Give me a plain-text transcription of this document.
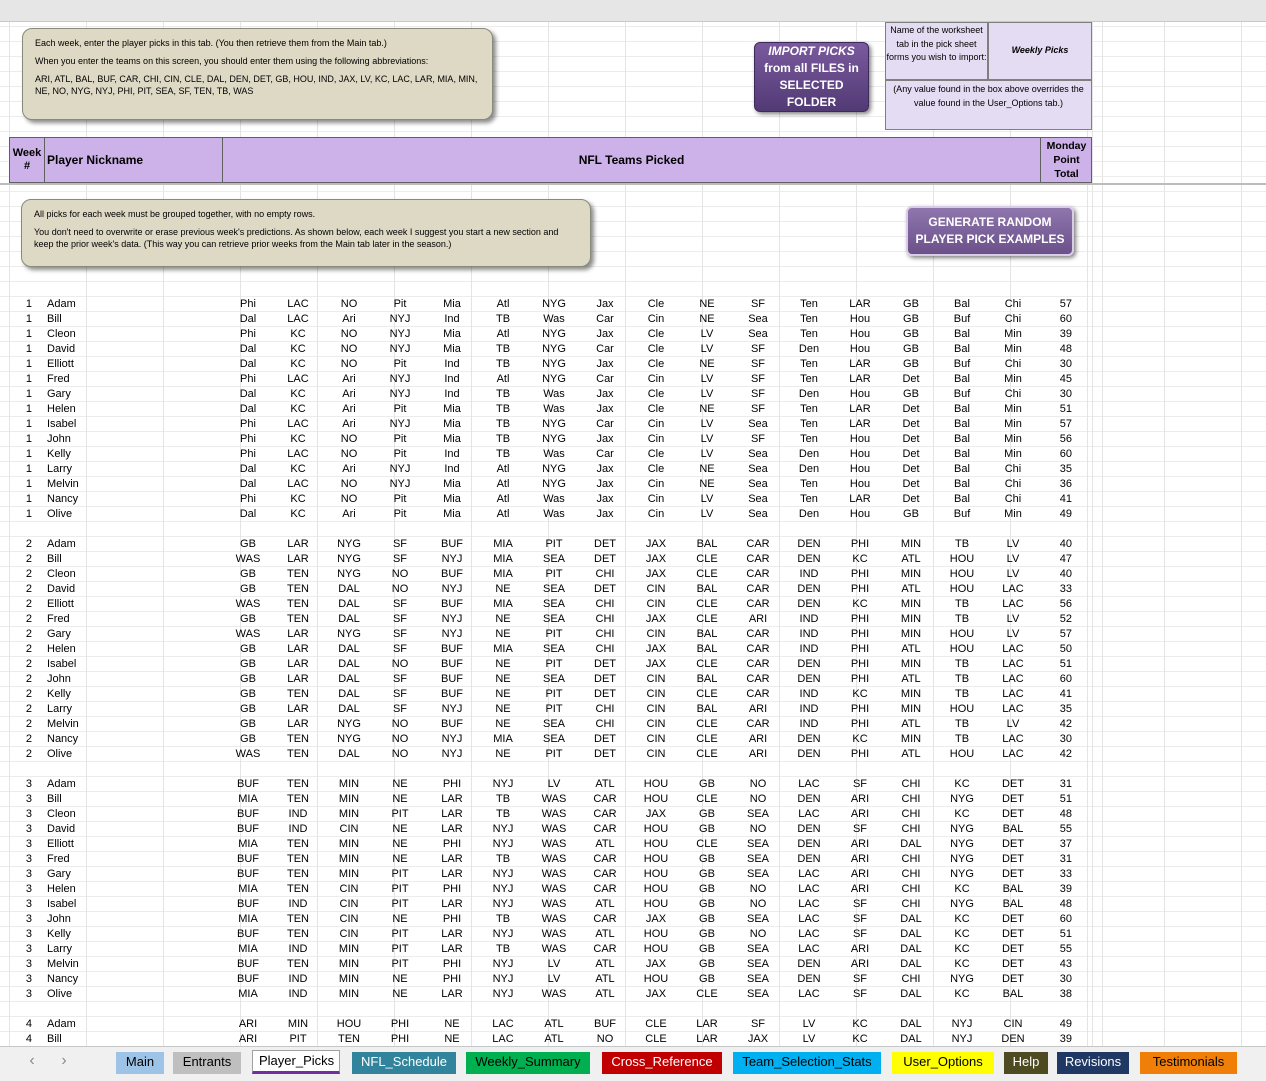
Each week, enter the player picks in this tab. (You then retrieve them from the Main tab.)

When you enter the teams on this screen, you should enter them using the following abbreviations:

ARI, ATL, BAL, BUF, CAR, CHI, CIN, CLE, DAL, DEN, DET, GB, HOU, IND, JAX, LV, KC, LAC, LAR, MIA, MIN, NE, NO, NYG, NYJ, PHI, PIT, SEA, SF, TEN, TB, WAS

IMPORT PICKS
from all FILES in
SELECTED FOLDER
Name of the worksheet tab in the pick sheet forms you wish to import:
Weekly Picks
(Any value found in the box above overrides the value found in the User_Options tab.)
Week #	Player Nickname	NFL Teams Picked
Monday Point Total

All picks for each week must be grouped together, with no empty rows.

You don't need to overwrite or erase previous week's predictions. As shown below, each week I suggest you start a new section and keep the prior week's data. (This way you can retrieve prior weeks from the Main tab later in the season.)

GENERATE RANDOM
PLAYER PICK EXAMPLES
1 Adam	Phi	LAC	NO	Pit	Mia	Atl	NYG	Jax	Cle	NE	SF	Ten	LAR	GB	Bal	Chi	57
1 Bill	Dal	LAC	Ari	NYJ	Ind	TB	Was	Car	Cin	NE	Sea	Ten	Hou	GB	Buf	Chi	60
1 Cleon	Phi	KC	NO	NYJ	Mia	Atl	NYG	Jax	Cle	LV	Sea	Ten	Hou	GB	Bal	Min	39
1 David	Dal	KC	NO	NYJ	Mia	TB	NYG	Car	Cle	LV	SF	Den	Hou	GB	Bal	Min	48
1 Elliott	Dal	KC	NO	Pit	Ind	TB	NYG	Jax	Cle	NE	SF	Ten	LAR	GB	Buf	Chi	30
1 Fred	Phi	LAC	Ari	NYJ	Ind	Atl	NYG	Car	Cin	LV	SF	Ten	LAR	Det	Bal	Min	45
1 Gary	Dal	KC	Ari	NYJ	Ind	TB	Was	Jax	Cle	LV	SF	Den	Hou	GB	Buf	Chi	30
1 Helen	Dal	KC	Ari	Pit	Mia	TB	Was	Jax	Cle	NE	SF	Ten	LAR	Det	Bal	Min	51
1 Isabel	Phi	LAC	Ari	NYJ	Mia	TB	NYG	Car	Cin	LV	Sea	Ten	LAR	Det	Bal	Min	57
1 John	Phi	KC	NO	Pit	Mia	TB	NYG	Jax	Cin	LV	SF	Ten	Hou	Det	Bal	Min	56
1 Kelly	Phi	LAC	NO	Pit	Ind	TB	Was	Car	Cle	LV	Sea	Den	Hou	Det	Bal	Min	60
1 Larry	Dal	KC	Ari	NYJ	Ind	Atl	NYG	Jax	Cle	NE	Sea	Den	Hou	Det	Bal	Chi	35
1 Melvin	Dal	LAC	NO	NYJ	Mia	Atl	NYG	Jax	Cin	NE	Sea	Ten	Hou	Det	Bal	Chi	36
1 Nancy	Phi	KC	NO	Pit	Mia	Atl	Was	Jax	Cin	LV	Sea	Ten	LAR	Det	Bal	Chi	41
1 Olive	Dal	KC	Ari	Pit	Mia	Atl	Was	Jax	Cin	LV	Sea	Den	Hou	GB	Buf	Min	49
2 Adam	GB	LAR	NYG	SF	BUF	MIA	PIT	DET	JAX	BAL	CAR	DEN	PHI	MIN	TB	LV	40
2 Bill	WAS	LAR	NYG	SF	NYJ	MIA	SEA	DET	JAX	CLE	CAR	DEN	KC	ATL	HOU	LV	47
2 Cleon	GB	TEN	NYG	NO	BUF	MIA	PIT	CHI	JAX	CLE	CAR	IND	PHI	MIN	HOU	LV	40
2 David	GB	TEN	DAL	NO	NYJ	NE	SEA	DET	CIN	BAL	CAR	DEN	PHI	ATL	HOU	LAC	33
2 Elliott	WAS	TEN	DAL	SF	BUF	MIA	SEA	CHI	CIN	CLE	CAR	DEN	KC	MIN	TB	LAC	56
2 Fred	GB	TEN	DAL	SF	NYJ	NE	SEA	CHI	JAX	CLE	ARI	IND	PHI	MIN	TB	LV	52
2 Gary	WAS	LAR	NYG	SF	NYJ	NE	PIT	CHI	CIN	BAL	CAR	IND	PHI	MIN	HOU	LV	57
2 Helen	GB	LAR	DAL	SF	BUF	MIA	SEA	CHI	JAX	BAL	CAR	IND	PHI	ATL	HOU	LAC	50
2 Isabel	GB	LAR	DAL	NO	BUF	NE	PIT	DET	JAX	CLE	CAR	DEN	PHI	MIN	TB	LAC	51
2 John	GB	LAR	DAL	SF	BUF	NE	SEA	DET	CIN	BAL	CAR	DEN	PHI	ATL	TB	LAC	60
2 Kelly	GB	TEN	DAL	SF	BUF	NE	PIT	DET	CIN	CLE	CAR	IND	KC	MIN	TB	LAC	41
2 Larry	GB	LAR	DAL	SF	NYJ	NE	PIT	CHI	CIN	BAL	ARI	IND	PHI	MIN	HOU	LAC	35
2 Melvin	GB	LAR	NYG	NO	BUF	NE	SEA	CHI	CIN	CLE	CAR	IND	PHI	ATL	TB	LV	42
2 Nancy	GB	TEN	NYG	NO	NYJ	MIA	SEA	DET	CIN	CLE	ARI	DEN	KC	MIN	TB	LAC	30
2 Olive	WAS	TEN	DAL	NO	NYJ	NE	PIT	DET	CIN	CLE	ARI	DEN	PHI	ATL	HOU	LAC	42
3 Adam	BUF	TEN	MIN	NE	PHI	NYJ	LV	ATL	HOU	GB	NO	LAC	SF	CHI	KC	DET	31
3 Bill	MIA	TEN	MIN	NE	LAR	TB	WAS	CAR	HOU	CLE	NO	DEN	ARI	CHI	NYG	DET	51
3 Cleon	BUF	IND	MIN	PIT	LAR	TB	WAS	CAR	JAX	GB	SEA	LAC	ARI	CHI	KC	DET	48
3 David	BUF	IND	CIN	NE	LAR	NYJ	WAS	CAR	HOU	GB	NO	DEN	SF	CHI	NYG	BAL	55
3 Elliott	MIA	TEN	MIN	NE	PHI	NYJ	WAS	ATL	HOU	CLE	SEA	DEN	ARI	DAL	NYG	DET	37
3 Fred	BUF	TEN	MIN	NE	LAR	TB	WAS	CAR	HOU	GB	SEA	DEN	ARI	CHI	NYG	DET	31
3 Gary	BUF	TEN	MIN	PIT	LAR	NYJ	WAS	CAR	HOU	GB	SEA	LAC	ARI	CHI	NYG	DET	33
3 Helen	MIA	TEN	CIN	PIT	PHI	NYJ	WAS	CAR	HOU	GB	NO	LAC	ARI	CHI	KC	BAL	39
3 Isabel	BUF	IND	CIN	PIT	LAR	NYJ	WAS	ATL	HOU	GB	NO	LAC	SF	CHI	NYG	BAL	48
3 John	MIA	TEN	CIN	NE	PHI	TB	WAS	CAR	JAX	GB	SEA	LAC	SF	DAL	KC	DET	60
3 Kelly	BUF	TEN	CIN	PIT	LAR	NYJ	WAS	ATL	HOU	GB	NO	LAC	SF	DAL	KC	DET	51
3 Larry	MIA	IND	MIN	PIT	LAR	TB	WAS	CAR	HOU	GB	SEA	LAC	ARI	DAL	KC	DET	55
3 Melvin	BUF	TEN	MIN	PIT	PHI	NYJ	LV	ATL	JAX	GB	SEA	DEN	ARI	DAL	KC	DET	43
3 Nancy	BUF	IND	MIN	NE	PHI	NYJ	LV	ATL	HOU	GB	SEA	DEN	SF	CHI	NYG	DET	30
3 Olive	MIA	IND	MIN	NE	LAR	NYJ	WAS	ATL	JAX	CLE	SEA	LAC	SF	DAL	KC	BAL	38
4 Adam	ARI	MIN	HOU	PHI	NE	LAC	ATL	BUF	CLE	LAR	SF	LV	KC	DAL	NYJ	CIN	49
4 Bill	ARI	PIT	TEN	PHI	NE	LAC	ATL	NO	CLE	LAR	JAX	LV	KC	DAL	NYJ	DEN	39
‹	›	Main	Entrants	Player_Picks	NFL_Schedule	Weekly_Summary	Cross_Reference	Team_Selection_Stats	User_Options	Help	Revisions	Testimonials
